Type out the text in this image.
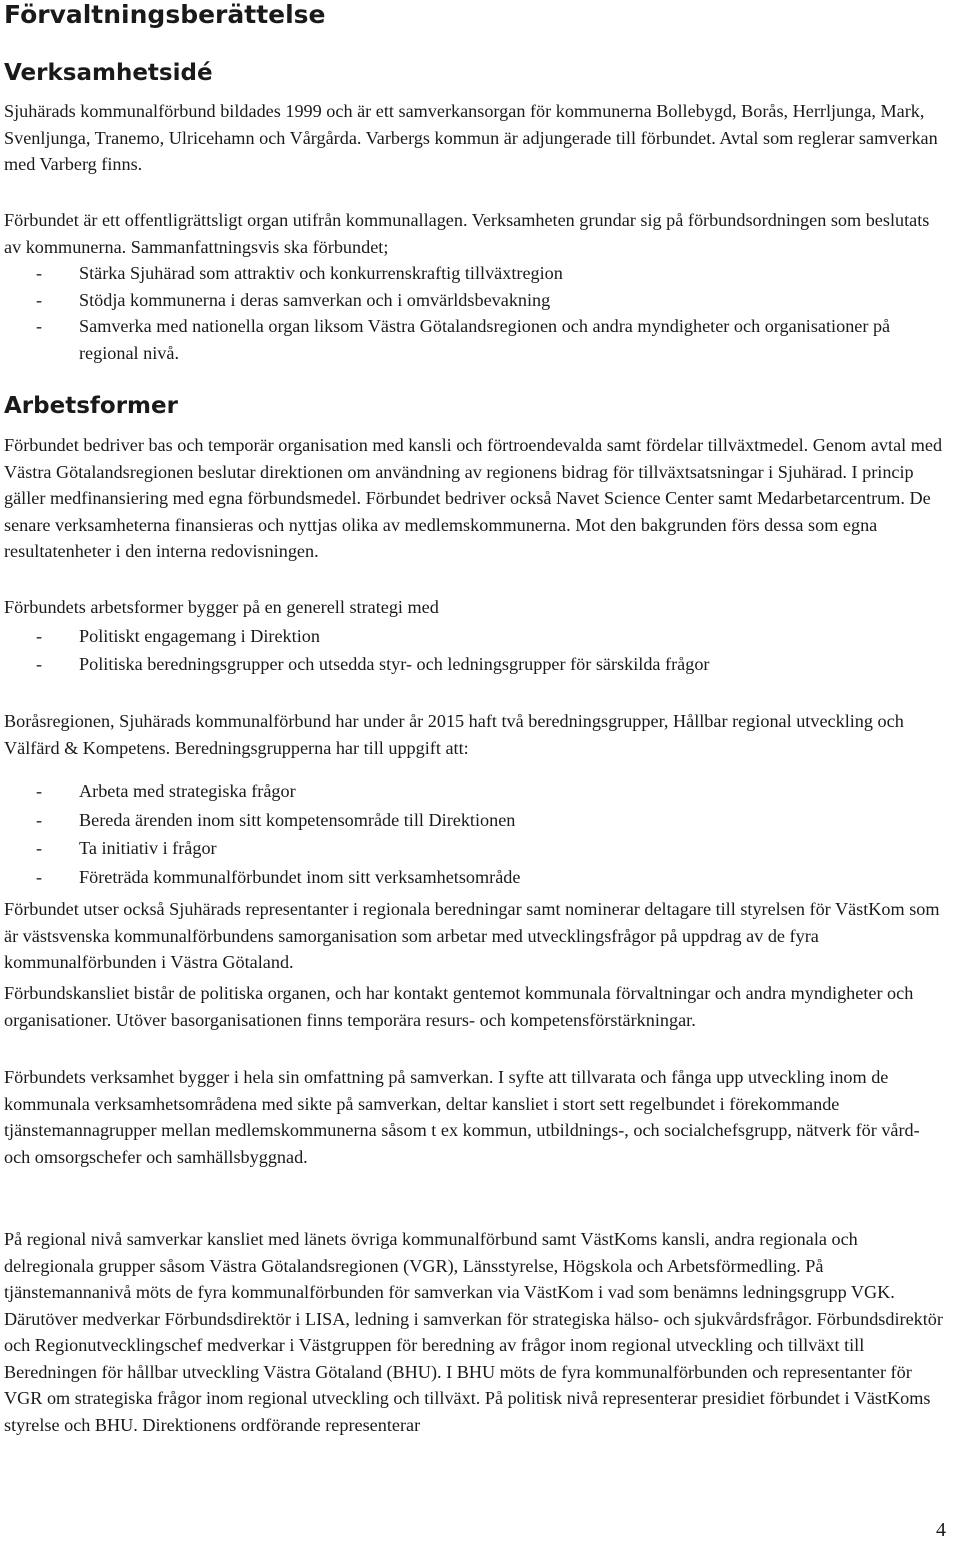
Förvaltningsberättelse
Verksamhetsidé

Sjuhärads kommunalförbund bildades 1999 och är ett samverkansorgan för kommunerna Bollebygd, Borås, Herrljunga, Mark, Svenljunga, Tranemo, Ulricehamn och Vårgårda. Varbergs kommun är adjungerade till förbundet. Avtal som reglerar samverkan med Varberg finns.

Förbundet är ett offentligrättsligt organ utifrån kommunallagen. Verksamheten grundar sig på förbundsordningen som beslutats av kommunerna. Sammanfattningsvis ska förbundet;

-	Stärka Sjuhärad som attraktiv och konkurrenskraftig tillväxtregion
-	Stödja kommunerna i deras samverkan och i omvärldsbevakning
-	Samverka med nationella organ liksom Västra Götalandsregionen och andra myndigheter och organisationer på regional nivå.
Arbetsformer

Förbundet bedriver bas och temporär organisation med kansli och förtroendevalda samt fördelar tillväxtmedel. Genom avtal med Västra Götalandsregionen beslutar direktionen om användning av regionens bidrag för tillväxtsatsningar i Sjuhärad. I princip gäller medfinansiering med egna förbundsmedel. Förbundet bedriver också Navet Science Center samt Medarbetarcentrum. De senare verksamheterna finansieras och nyttjas olika av medlemskommunerna. Mot den bakgrunden förs dessa som egna resultatenheter i den interna redovisningen.

Förbundets arbetsformer bygger på en generell strategi med

-	Politiskt engagemang i Direktion
-	Politiska beredningsgrupper och utsedda styr- och ledningsgrupper för särskilda frågor

Boråsregionen, Sjuhärads kommunalförbund har under år 2015 haft två beredningsgrupper, Hållbar regional utveckling och Välfärd & Kompetens. Beredningsgrupperna har till uppgift att:

-	Arbeta med strategiska frågor
-	Bereda ärenden inom sitt kompetensområde till Direktionen
-	Ta initiativ i frågor
-	Företräda kommunalförbundet inom sitt verksamhetsområde

Förbundet utser också Sjuhärads representanter i regionala beredningar samt nominerar deltagare till styrelsen för VästKom som är västsvenska kommunalförbundens samorganisation som arbetar med utvecklingsfrågor på uppdrag av de fyra kommunalförbunden i Västra Götaland.

Förbundskansliet bistår de politiska organen, och har kontakt gentemot kommunala förvaltningar och andra myndigheter och organisationer. Utöver basorganisationen finns temporära resurs- och kompetensförstärkningar.

Förbundets verksamhet bygger i hela sin omfattning på samverkan. I syfte att tillvarata och fånga upp utveckling inom de kommunala verksamhetsområdena med sikte på samverkan, deltar kansliet i stort sett regelbundet i förekommande tjänstemannagrupper mellan medlemskommunerna såsom t ex kommun, utbildnings-, och socialchefsgrupp, nätverk för vård- och omsorgschefer och samhällsbyggnad.

På regional nivå samverkar kansliet med länets övriga kommunalförbund samt VästKoms kansli, andra regionala och delregionala grupper såsom Västra Götalandsregionen (VGR), Länsstyrelse, Högskola och Arbetsförmedling. På tjänstemannanivå möts de fyra kommunalförbunden för samverkan via VästKom i vad som benämns ledningsgrupp VGK. Därutöver medverkar Förbundsdirektör i LISA, ledning i samverkan för strategiska hälso- och sjukvårdsfrågor. Förbundsdirektör och Regionutvecklingschef medverkar i Västgruppen för beredning av frågor inom regional utveckling och tillväxt till Beredningen för hållbar utveckling Västra Götaland (BHU). I BHU möts de fyra kommunalförbunden och representanter för VGR om strategiska frågor inom regional utveckling och tillväxt. På politisk nivå representerar presidiet förbundet i VästKoms styrelse och BHU. Direktionens ordförande representerar

4
